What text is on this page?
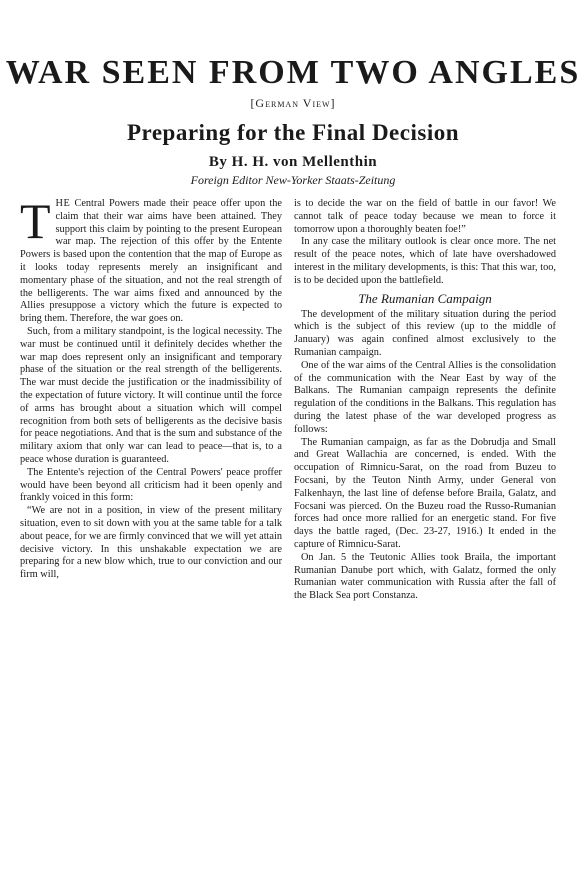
WAR SEEN FROM TWO ANGLES
[German View]
Preparing for the Final Decision
By H. H. von Mellenthin
Foreign Editor New-Yorker Staats-Zeitung

THE Central Powers made their peace offer upon the claim that their war aims have been attained. They support this claim by pointing to the present European war map. The rejection of this offer by the Entente Powers is based upon the contention that the map of Europe as it looks today represents merely an insignificant and momentary phase of the situation, and not the real strength of the belligerents. The war aims fixed and announced by the Allies presuppose a victory which the future is expected to bring them. Therefore, the war goes on.

Such, from a military standpoint, is the logical necessity. The war must be continued until it definitely decides whether the war map does represent only an insignificant and temporary phase of the situation or the real strength of the belligerents. The war must decide the justification or the inadmissibility of the expectation of future victory. It will continue until the force of arms has brought about a situation which will compel recognition from both sets of belligerents as the decisive basis for peace negotiations. And that is the sum and substance of the military axiom that only war can lead to peace—that is, to a peace whose duration is guaranteed.

The Entente's rejection of the Central Powers' peace proffer would have been beyond all criticism had it been openly and frankly voiced in this form:

“We are not in a position, in view of the present military situation, even to sit down with you at the same table for a talk about peace, for we are firmly convinced that we will yet attain decisive victory. In this unshakable expectation we are preparing for a new blow which, true to our conviction and our firm will,

is to decide the war on the field of battle in our favor! We cannot talk of peace today because we mean to force it tomorrow upon a thoroughly beaten foe!”

In any case the military outlook is clear once more. The net result of the peace notes, which of late have overshadowed interest in the military developments, is this: That this war, too, is to be decided upon the battlefield.

The Rumanian Campaign

The development of the military situation during the period which is the subject of this review (up to the middle of January) was again confined almost exclusively to the Rumanian campaign.

One of the war aims of the Central Allies is the consolidation of the communication with the Near East by way of the Balkans. The Rumanian campaign represents the definite regulation of the conditions in the Balkans. This regulation has during the latest phase of the war developed progress as follows:

The Rumanian campaign, as far as the Dobrudja and Small and Great Wallachia are concerned, is ended. With the occupation of Rimnicu-Sarat, on the road from Buzeu to Focsani, by the Teuton Ninth Army, under General von Falkenhayn, the last line of defense before Braila, Galatz, and Focsani was pierced. On the Buzeu road the Russo-Rumanian forces had once more rallied for an energetic stand. For five days the battle raged, (Dec. 23-27, 1916.) It ended in the capture of Rimnicu-Sarat.

On Jan. 5 the Teutonic Allies took Braila, the important Rumanian Danube port which, with Galatz, formed the only Rumanian water communication with Russia after the fall of the Black Sea port Constanza.
